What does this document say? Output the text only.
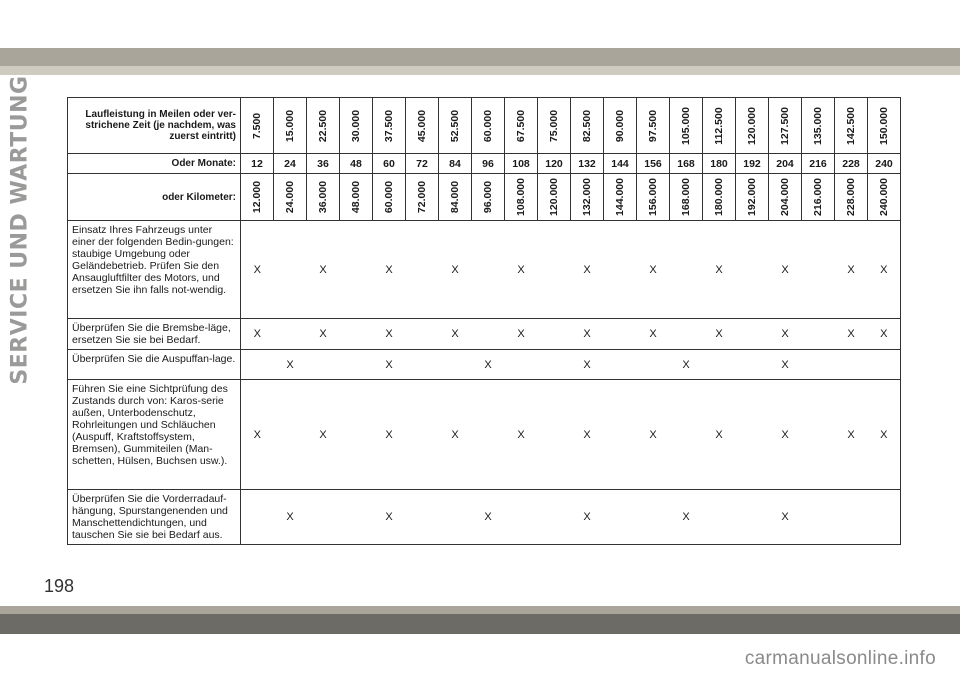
SERVICE UND WARTUNG	Laufleistung in Meilen oder ver-strichene Zeit (je nachdem, was zuerst eintritt)	7.500	15.000	22.500	30.000	37.500	45.000	52.500	60.000	67.500	75.000	82.500	90.000	97.500	105.000	112.500	120.000	127.500	135.000	142.500	150.000

Oder Monate:	12	24	36	48	60	72	84	96	108	120	132	144	156	168	180	192	204	216	228	240
oder Kilometer:	12.000	24.000	36.000	48.000	60.000	72.000	84.000	96.000	108.000	120.000	132.000	144.000	156.000	168.000	180.000	192.000	204.000	216.000	228.000	240.000

Einsatz Ihres Fahrzeugs unter einer der folgenden Bedin-gungen: staubige Umgebung oder Geländebetrieb. Prüfen Sie den Ansaugluftfilter des Motors, und ersetzen Sie ihn falls not-wendig.	X		X		X		X		X		X		X		X		X		X	X
Überprüfen Sie die Bremsbe-läge, ersetzen Sie sie bei Bedarf.	X		X		X		X		X		X		X		X		X		X	X
Überprüfen Sie die Auspuffan-lage.		X			X			X			X			X			X			
Führen Sie eine Sichtprüfung des Zustands durch von: Karos-serie außen, Unterbodenschutz, Rohrleitungen und Schläuchen (Auspuff, Kraftstoffsystem, Bremsen), Gummiteilen (Man-schetten, Hülsen, Buchsen usw.).	X		X		X		X		X		X		X		X		X		X	X
Überprüfen Sie die Vorderradauf-hängung, Spurstangenenden und Manschettendichtungen, und tauschen Sie sie bei Bedarf aus.		X			X			X			X			X			X			
198
carmanualsonline.info
